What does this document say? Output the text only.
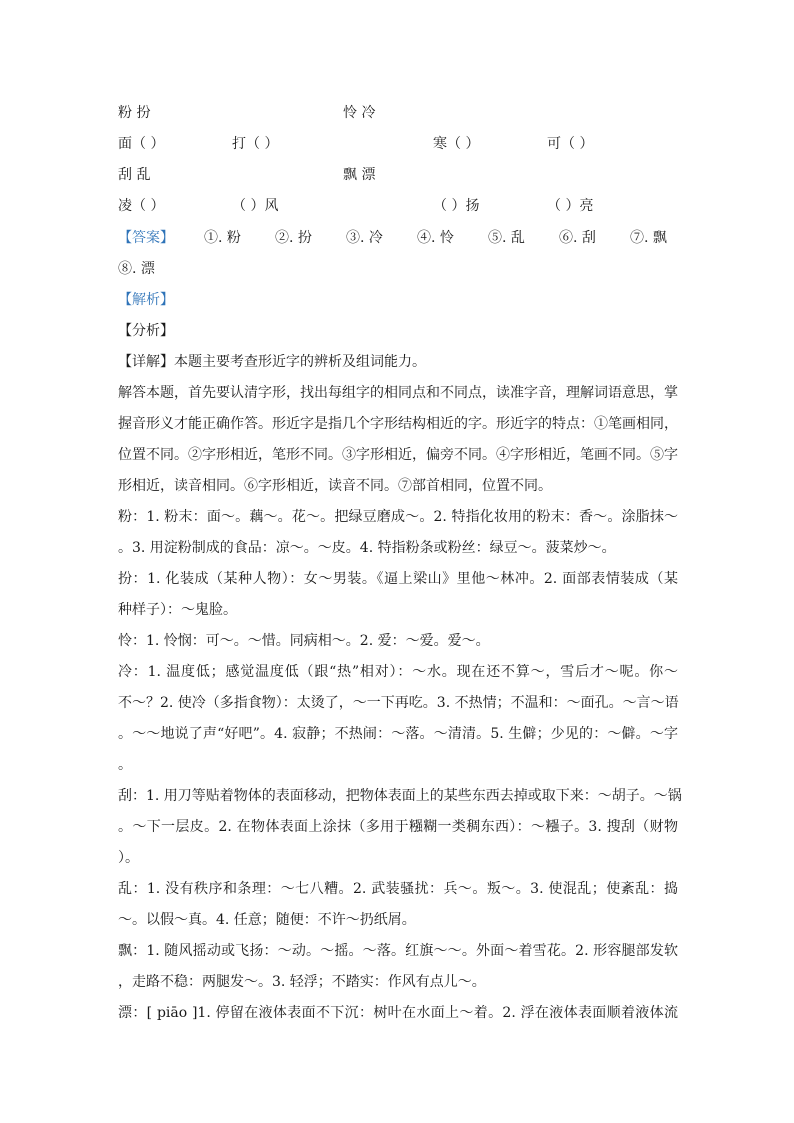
粉 扮	怜 冷
面（ ）	打（ ）	寒（ ）	可（ ）
刮 乱	飘 漂
凌（ ）	（ ）风	（ ）扬	（ ）亮
【答案】 ①. 粉 ②. 扮 ③. 冷 ④. 怜 ⑤. 乱 ⑥. 刮 ⑦. 飘
⑧. 漂
【解析】
【分析】
【详解】本题主要考查形近字的辨析及组词能力。
解答本题，首先要认清字形，找出每组字的相同点和不同点，读准字音，理解词语意思，掌
握音形义才能正确作答。形近字是指几个字形结构相近的字。形近字的特点：①笔画相同，
位置不同。②字形相近，笔形不同。③字形相近，偏旁不同。④字形相近，笔画不同。⑤字
形相近，读音相同。⑥字形相近，读音不同。⑦部首相同，位置不同。
粉：1. 粉末：面～。藕～。花～。把绿豆磨成～。2. 特指化妆用的粉末：香～。涂脂抹～
。3. 用淀粉制成的食品：凉～。～皮。4. 特指粉条或粉丝：绿豆～。菠菜炒～。
扮：1. 化装成（某种人物）：女～男装。《逼上梁山》里他～林冲。2. 面部表情装成（某
种样子）：～鬼脸。
怜：1. 怜悯：可～。～惜。同病相～。2. 爱：～爱。爱～。
冷：1. 温度低；感觉温度低（跟“热”相对）：～水。现在还不算～，雪后才～呢。你～
不～？2. 使冷（多指食物）：太烫了，～一下再吃。3. 不热情；不温和：～面孔。～言～语
。～～地说了声“好吧”。4. 寂静；不热闹：～落。～清清。5. 生僻；少见的：～僻。～字
。
刮：1. 用刀等贴着物体的表面移动，把物体表面上的某些东西去掉或取下来：～胡子。～锅
。～下一层皮。2. 在物体表面上涂抹（多用于糨糊一类稠东西）：～糨子。3. 搜刮（财物
）。
乱：1. 没有秩序和条理：～七八糟。2. 武装骚扰：兵～。叛～。3. 使混乱；使紊乱：捣
～。以假～真。4. 任意；随便：不许～扔纸屑。
飘：1. 随风摇动或飞扬：～动。～摇。～落。红旗～～。外面～着雪花。2. 形容腿部发软
，走路不稳：两腿发～。3. 轻浮；不踏实：作风有点儿～。
漂：[ piāo ]1. 停留在液体表面不下沉：树叶在水面上～着。2. 浮在液体表面顺着液体流
